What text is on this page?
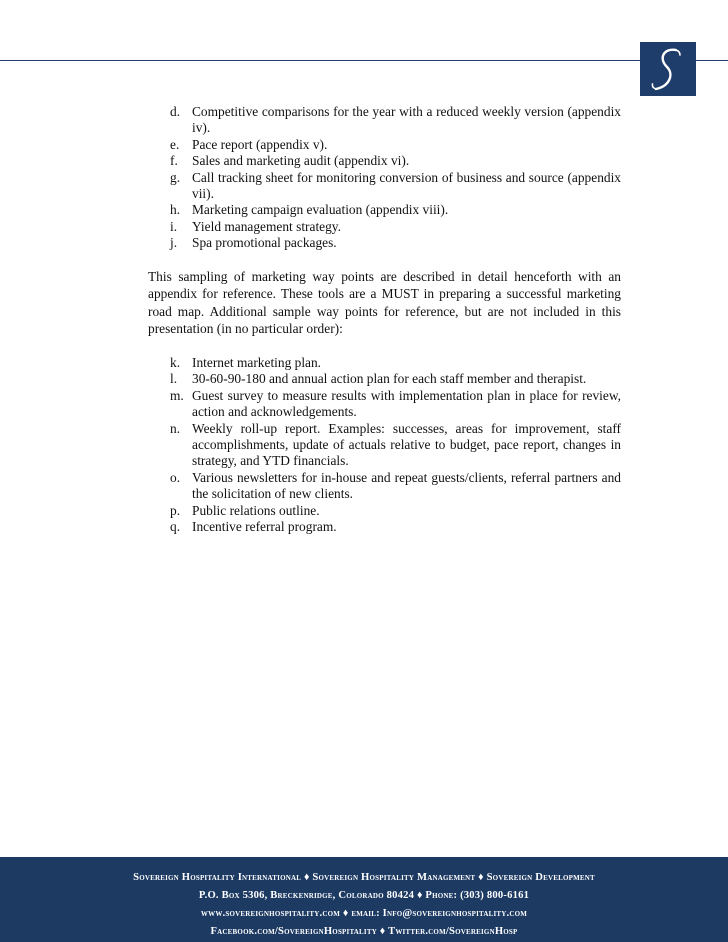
d. Competitive comparisons for the year with a reduced weekly version (appendix iv).
e. Pace report (appendix v).
f. Sales and marketing audit (appendix vi).
g. Call tracking sheet for monitoring conversion of business and source (appendix vii).
h. Marketing campaign evaluation (appendix viii).
i. Yield management strategy.
j. Spa promotional packages.

This sampling of marketing way points are described in detail henceforth with an appendix for reference. These tools are a MUST in preparing a successful marketing road map. Additional sample way points for reference, but are not included in this presentation (in no particular order):

k. Internet marketing plan.
l. 30-60-90-180 and annual action plan for each staff member and therapist.
m. Guest survey to measure results with implementation plan in place for review, action and acknowledgements.
n. Weekly roll-up report. Examples: successes, areas for improvement, staff accomplishments, update of actuals relative to budget, pace report, changes in strategy, and YTD financials.
o. Various newsletters for in-house and repeat guests/clients, referral partners and the solicitation of new clients.
p. Public relations outline.
q. Incentive referral program.
Sovereign Hospitality International ♦ Sovereign Hospitality Management ♦ Sovereign Development
P.O. Box 5306, Breckenridge, Colorado 80424 ♦ Phone: (303) 800-6161
www.sovereignhospitality.com ♦ email: Info@sovereignhospitality.com
Facebook.com/SovereignHospitality ♦ Twitter.com/SovereignHosp
